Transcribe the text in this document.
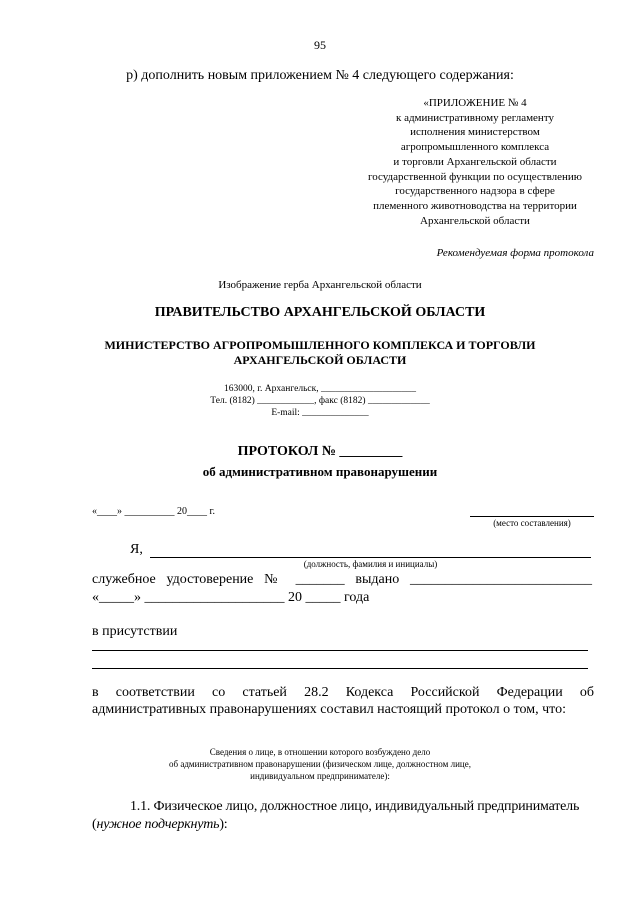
95
р) дополнить новым приложением № 4 следующего содержания:
«ПРИЛОЖЕНИЕ № 4
к административному регламенту
исполнения министерством
агропромышленного комплекса
и торговли Архангельской области
государственной функции по осуществлению
государственного надзора в сфере
племенного животноводства на территории
Архангельской области
Рекомендуемая форма протокола
Изображение герба Архангельской области
ПРАВИТЕЛЬСТВО АРХАНГЕЛЬСКОЙ ОБЛАСТИ
МИНИСТЕРСТВО АГРОПРОМЫШЛЕННОГО КОМПЛЕКСА И ТОРГОВЛИ
АРХАНГЕЛЬСКОЙ ОБЛАСТИ
163000, г. Архангельск, ____________________
Тел. (8182) ____________, факс (8182) _____________
E-mail: ______________
ПРОТОКОЛ № _________
об административном правонарушении
«____» __________ 20____ г.
(место составления)
Я,
(должность, фамилия и инициалы)
служебное удостоверение № _______ выдано __________________________
«_____» ____________________ 20 _____ года
в присутствии
в соответствии со статьей 28.2 Кодекса Российской Федерации об административных правонарушениях составил настоящий протокол о том, что:
Сведения о лице, в отношении которого возбуждено дело
об административном правонарушении (физическом лице, должностном лице,
индивидуальном предпринимателе):
1.1. Физическое лицо, должностное лицо, индивидуальный предприниматель (нужное подчеркнуть):
